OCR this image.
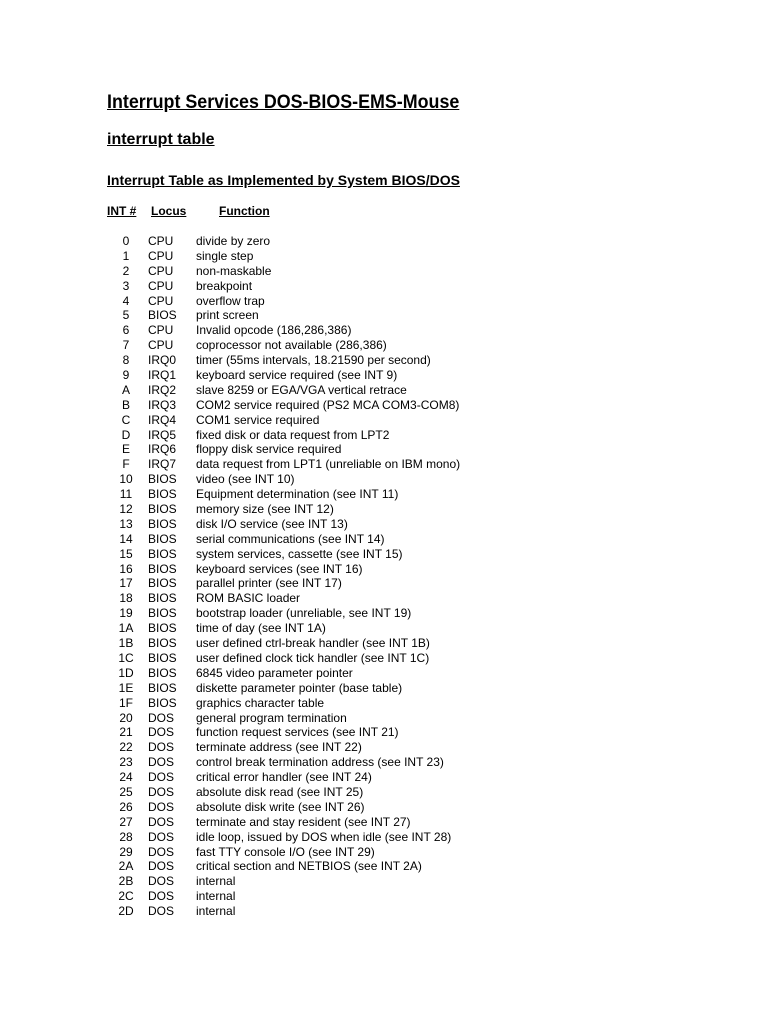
Interrupt Services DOS-BIOS-EMS-Mouse
interrupt table
Interrupt Table as Implemented by System BIOS/DOS
INT # Locus	Function
0	CPU divide by zero
1	CPU single step
2	CPU non-maskable
3	CPU breakpoint
4	CPU overflow trap
5	BIOS print screen
6	CPU Invalid opcode (186,286,386)
7	CPU coprocessor not available (286,386)
8	IRQ0 timer (55ms intervals, 18.21590 per second)
9	IRQ1 keyboard service required (see INT 9)
A	IRQ2 slave 8259 or EGA/VGA vertical retrace
B	IRQ3 COM2 service required (PS2 MCA COM3-COM8)
C	IRQ4 COM1 service required
D	IRQ5 fixed disk or data request from LPT2
E	IRQ6 floppy disk service required
F	IRQ7 data request from LPT1 (unreliable on IBM mono)
10	BIOS video (see INT 10)
11	BIOS Equipment determination (see INT 11)
12	BIOS memory size (see INT 12)
13	BIOS disk I/O service (see INT 13)
14	BIOS serial communications (see INT 14)
15	BIOS system services, cassette (see INT 15)
16	BIOS keyboard services (see INT 16)
17	BIOS parallel printer (see INT 17)
18	BIOS ROM BASIC loader
19	BIOS bootstrap loader (unreliable, see INT 19)
1A	BIOS time of day (see INT 1A)
1B	BIOS user defined ctrl-break handler (see INT 1B)
1C	BIOS user defined clock tick handler (see INT 1C)
1D	BIOS 6845 video parameter pointer
1E	BIOS diskette parameter pointer (base table)
1F	BIOS graphics character table
20	DOS general program termination
21	DOS function request services (see INT 21)
22	DOS terminate address (see INT 22)
23	DOS control break termination address (see INT 23)
24	DOS critical error handler (see INT 24)
25	DOS absolute disk read (see INT 25)
26	DOS absolute disk write (see INT 26)
27	DOS terminate and stay resident (see INT 27)
28	DOS idle loop, issued by DOS when idle (see INT 28)
29	DOS fast TTY console I/O (see INT 29)
2A	DOS critical section and NETBIOS (see INT 2A)
2B	DOS internal
2C	DOS internal
2D	DOS internal
